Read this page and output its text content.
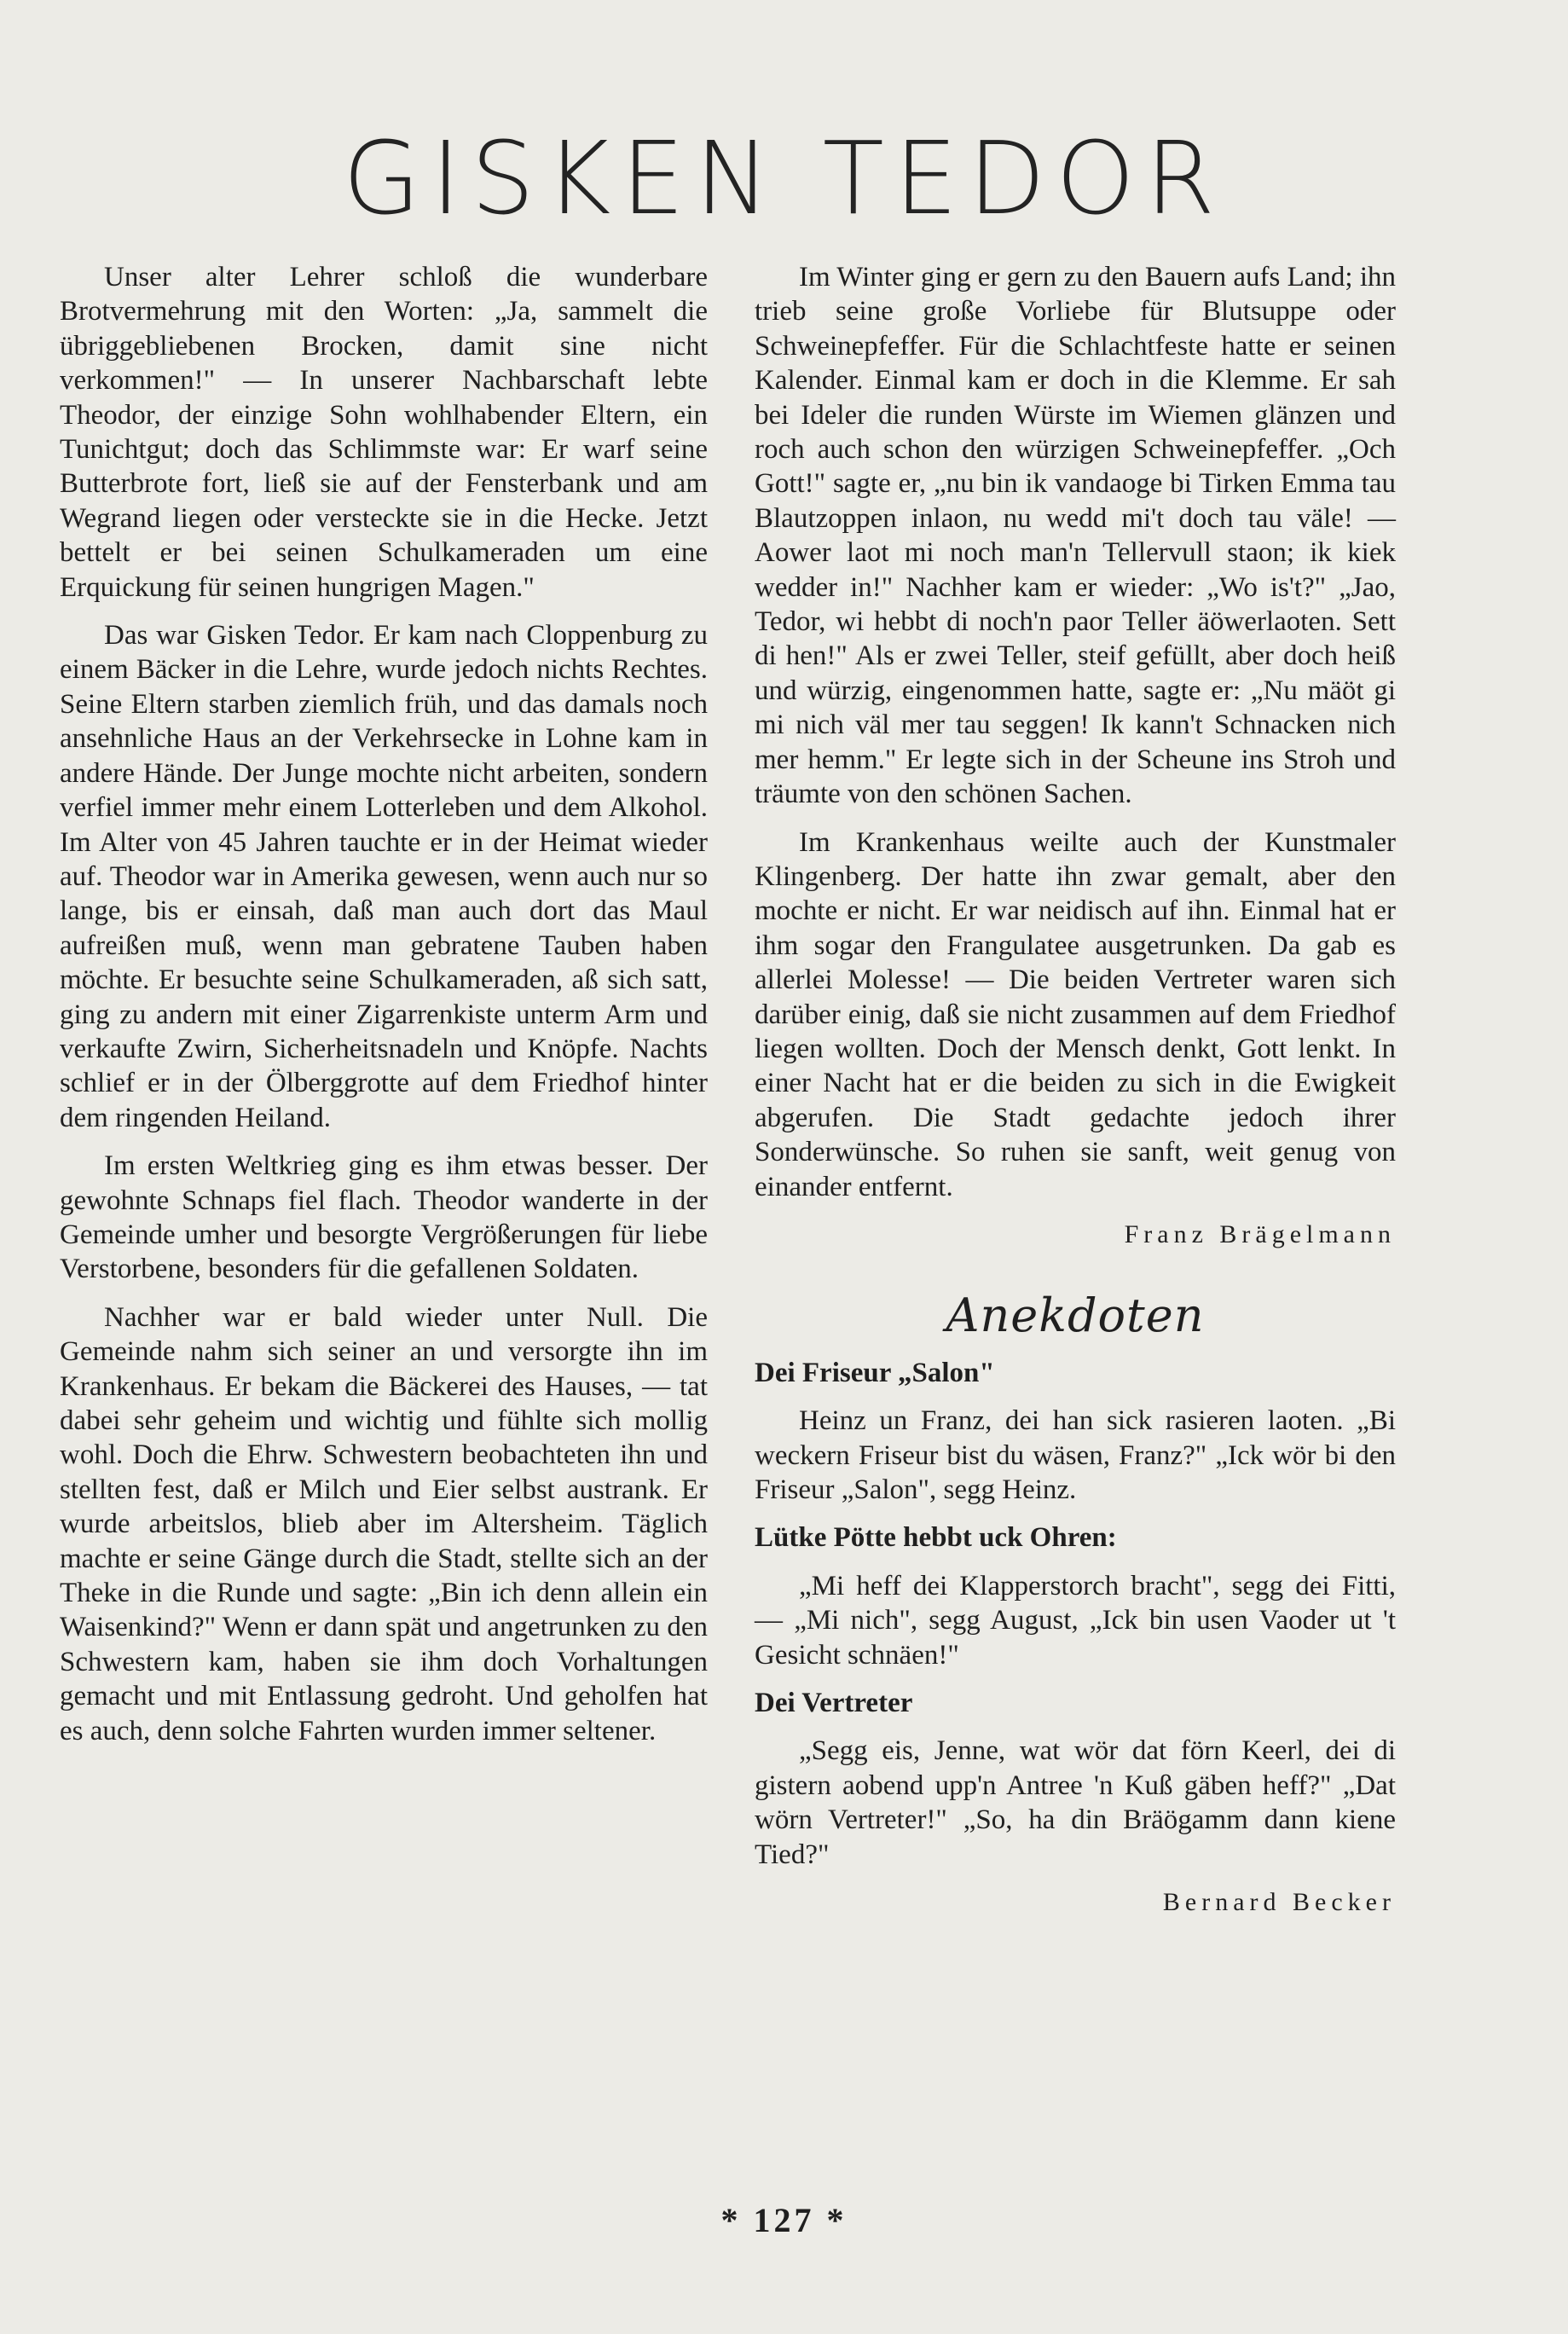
GISKEN TEDOR

Unser alter Lehrer schloß die wunderbare Brotvermehrung mit den Worten: „Ja, sammelt die übriggebliebenen Brocken, damit sine nicht verkommen!" — In unserer Nachbarschaft lebte Theodor, der einzige Sohn wohlhabender Eltern, ein Tunichtgut; doch das Schlimmste war: Er warf seine Butterbrote fort, ließ sie auf der Fensterbank und am Wegrand liegen oder versteckte sie in die Hecke. Jetzt bettelt er bei seinen Schulkameraden um eine Erquickung für seinen hungrigen Magen."

Das war Gisken Tedor. Er kam nach Cloppenburg zu einem Bäcker in die Lehre, wurde jedoch nichts Rechtes. Seine Eltern starben ziemlich früh, und das damals noch ansehnliche Haus an der Verkehrsecke in Lohne kam in andere Hände. Der Junge mochte nicht arbeiten, sondern verfiel immer mehr einem Lotterleben und dem Alkohol. Im Alter von 45 Jahren tauchte er in der Heimat wieder auf. Theodor war in Amerika gewesen, wenn auch nur so lange, bis er einsah, daß man auch dort das Maul aufreißen muß, wenn man gebratene Tauben haben möchte. Er besuchte seine Schulkameraden, aß sich satt, ging zu andern mit einer Zigarrenkiste unterm Arm und verkaufte Zwirn, Sicherheitsnadeln und Knöpfe. Nachts schlief er in der Ölberggrotte auf dem Friedhof hinter dem ringenden Heiland.

Im ersten Weltkrieg ging es ihm etwas besser. Der gewohnte Schnaps fiel flach. Theodor wanderte in der Gemeinde umher und besorgte Vergrößerungen für liebe Verstorbene, besonders für die gefallenen Soldaten.

Nachher war er bald wieder unter Null. Die Gemeinde nahm sich seiner an und versorgte ihn im Krankenhaus. Er bekam die Bäckerei des Hauses, — tat dabei sehr geheim und wichtig und fühlte sich mollig wohl. Doch die Ehrw. Schwestern beobachteten ihn und stellten fest, daß er Milch und Eier selbst austrank. Er wurde arbeitslos, blieb aber im Altersheim. Täglich machte er seine Gänge durch die Stadt, stellte sich an der Theke in die Runde und sagte: „Bin ich denn allein ein Waisenkind?" Wenn er dann spät und angetrunken zu den Schwestern kam, haben sie ihm doch Vorhaltungen gemacht und mit Entlassung gedroht. Und geholfen hat es auch, denn solche Fahrten wurden immer seltener.

Im Winter ging er gern zu den Bauern aufs Land; ihn trieb seine große Vorliebe für Blutsuppe oder Schweinepfeffer. Für die Schlachtfeste hatte er seinen Kalender. Einmal kam er doch in die Klemme. Er sah bei Ideler die runden Würste im Wiemen glänzen und roch auch schon den würzigen Schweinepfeffer. „Och Gott!" sagte er, „nu bin ik vandaoge bi Tirken Emma tau Blautzoppen inlaon, nu wedd mi't doch tau väle! — Aower laot mi noch man'n Tellervull staon; ik kiek wedder in!" Nachher kam er wieder: „Wo is't?" „Jao, Tedor, wi hebbt di noch'n paor Teller äöwerlaoten. Sett di hen!" Als er zwei Teller, steif gefüllt, aber doch heiß und würzig, eingenommen hatte, sagte er: „Nu mäöt gi mi nich väl mer tau seggen! Ik kann't Schnacken nich mer hemm." Er legte sich in der Scheune ins Stroh und träumte von den schönen Sachen.

Im Krankenhaus weilte auch der Kunstmaler Klingenberg. Der hatte ihn zwar gemalt, aber den mochte er nicht. Er war neidisch auf ihn. Einmal hat er ihm sogar den Frangulatee ausgetrunken. Da gab es allerlei Molesse! — Die beiden Vertreter waren sich darüber einig, daß sie nicht zusammen auf dem Friedhof liegen wollten. Doch der Mensch denkt, Gott lenkt. In einer Nacht hat er die beiden zu sich in die Ewigkeit abgerufen. Die Stadt gedachte jedoch ihrer Sonderwünsche. So ruhen sie sanft, weit genug von einander entfernt.

Franz Brägelmann

Anekdoten

Dei Friseur „Salon"

Heinz un Franz, dei han sick rasieren laoten. „Bi weckern Friseur bist du wäsen, Franz?" „Ick wör bi den Friseur „Salon", segg Heinz.

Lütke Pötte hebbt uck Ohren:

„Mi heff dei Klapperstorch bracht", segg dei Fitti, — „Mi nich", segg August, „Ick bin usen Vaoder ut 't Gesicht schnäen!"

Dei Vertreter

„Segg eis, Jenne, wat wör dat förn Keerl, dei di gistern aobend upp'n Antree 'n Kuß gäben heff?" „Dat wörn Vertreter!" „So, ha din Bräögamm dann kiene Tied?"

Bernard Becker

* 127 *
